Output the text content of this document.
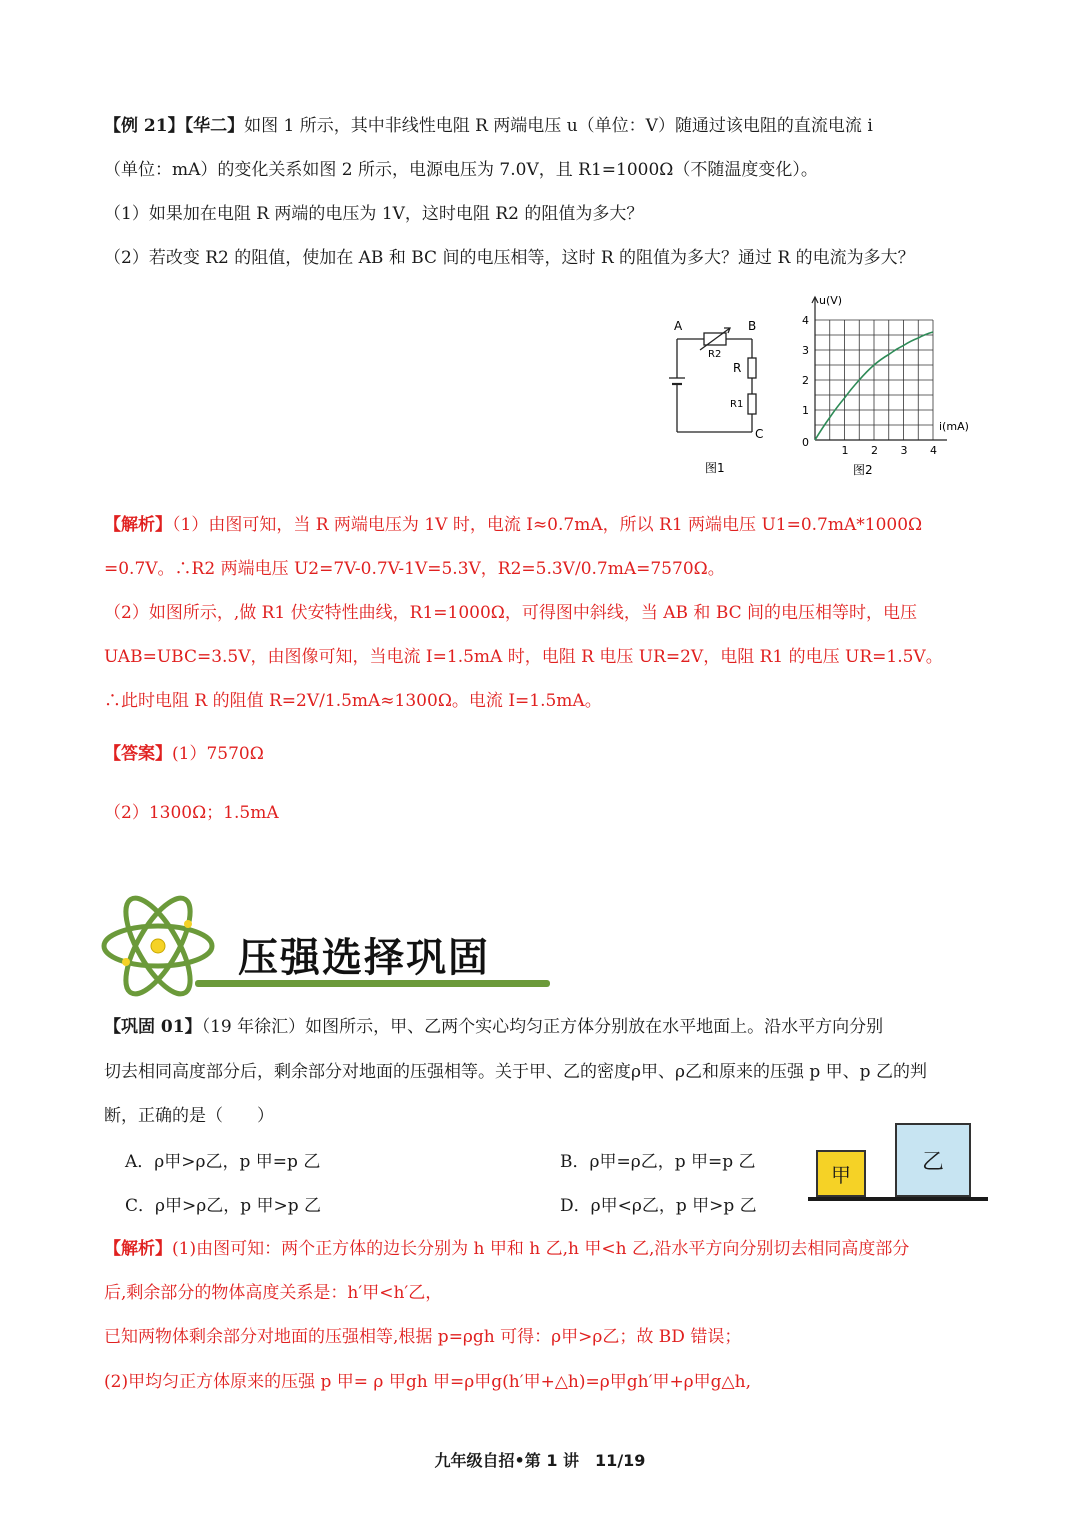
【例 21】【华二】如图 1 所示，其中非线性电阻 R 两端电压 u（单位：V）随通过该电阻的直流电流 i
（单位：mA）的变化关系如图 2 所示，电源电压为 7.0V，且 R1=1000Ω（不随温度变化）。
（1）如果加在电阻 R 两端的电压为 1V，这时电阻 R2 的阻值为多大？
（2）若改变 R2 的阻值，使加在 AB 和 BC 间的电压相等，这时 R 的阻值为多大？通过 R 的电流为多大？
A	B
C
R2
R
R1
图1
4
3
2
1
1 2 3 4
u(V)
i(mA)
0
图2
【解析】（1）由图可知，当 R 两端电压为 1V 时，电流 I≈0.7mA，所以 R1 两端电压 U1=0.7mA*1000Ω
=0.7V。∴R2 两端电压 U2=7V-0.7V-1V=5.3V，R2=5.3V/0.7mA=7570Ω。
（2）如图所示，,做 R1 伏安特性曲线，R1=1000Ω，可得图中斜线，当 AB 和 BC 间的电压相等时，电压
UAB=UBC=3.5V，由图像可知，当电流 I=1.5mA 时，电阻 R 电压 UR=2V，电阻 R1 的电压 UR=1.5V。
∴此时电阻 R 的阻值 R=2V/1.5mA≈1300Ω。电流 I=1.5mA。
【答案】(1）7570Ω
（2）1300Ω；1.5mA
压强选择巩固
【巩固 01】（19 年徐汇）如图所示，甲、乙两个实心均匀正方体分别放在水平地面上。沿水平方向分别
切去相同高度部分后，剩余部分对地面的压强相等。关于甲、乙的密度ρ甲、ρ乙和原来的压强 p 甲、p 乙的判
断，正确的是（　　）
A．ρ甲>ρ乙，p 甲=p 乙	B．ρ甲=ρ乙，p 甲=p 乙
C．ρ甲>ρ乙，p 甲>p 乙	D．ρ甲<ρ乙，p 甲>p 乙
甲
乙
【解析】(1)由图可知：两个正方体的边长分别为 h 甲和 h 乙,h 甲<h 乙,沿水平方向分别切去相同高度部分
后,剩余部分的物体高度关系是：h′甲<h′乙，
已知两物体剩余部分对地面的压强相等,根据 p=ρgh 可得：ρ甲>ρ乙；故 BD 错误；
(2)甲均匀正方体原来的压强 p 甲= ρ 甲gh 甲=ρ甲g(h′甲+△h)=ρ甲gh′甲+ρ甲g△h,
九年级自招•第 1 讲　11/19
